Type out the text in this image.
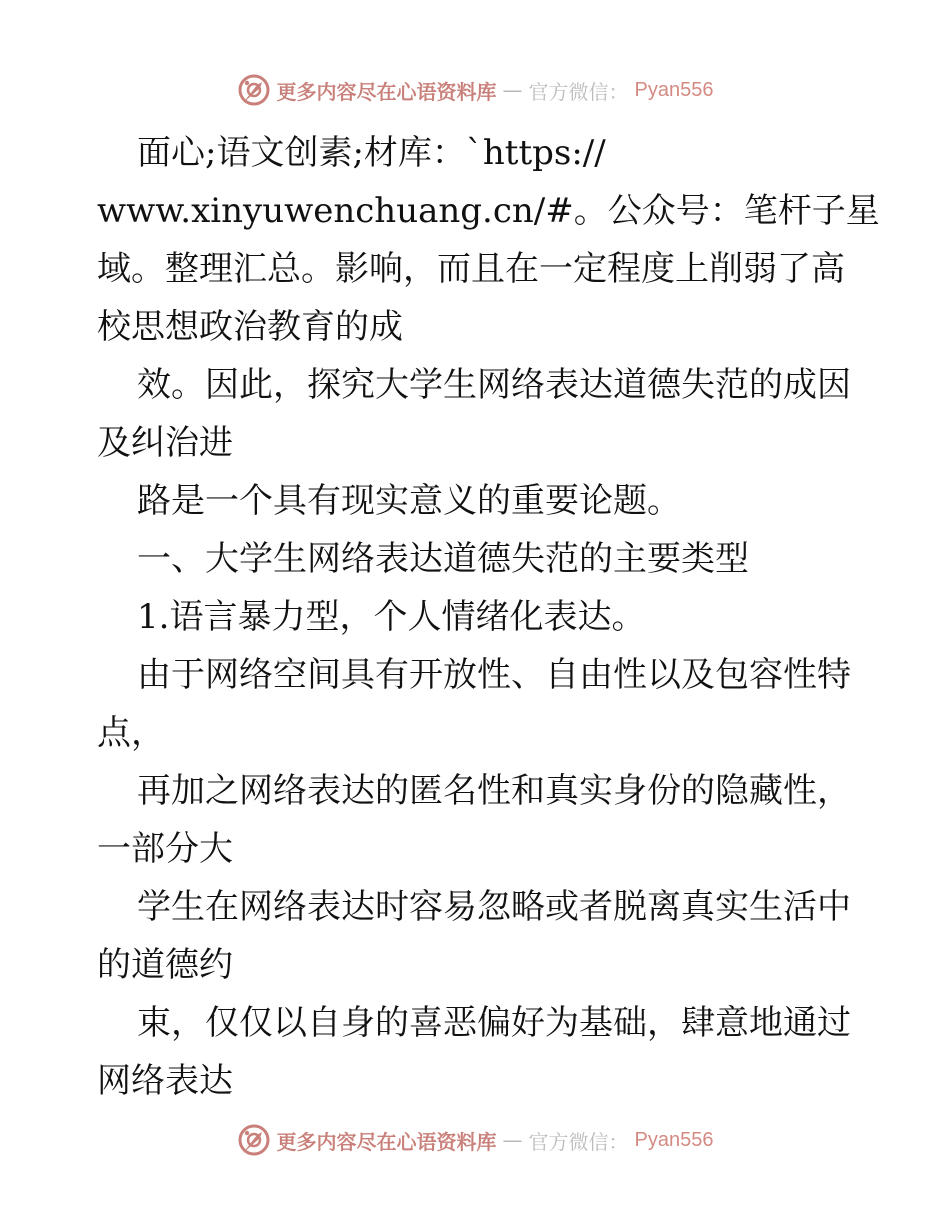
更多内容尽在心语资料库 — 官方微信： Pyan556
面心;语文创素;材库：`https://
www.xinyuwenchuang.cn/#。公众号：笔杆子星
域。整理汇总。影响，而且在一定程度上削弱了高
校思想政治教育的成
效。因此，探究大学生网络表达道德失范的成因
及纠治进
路是一个具有现实意义的重要论题。
一、大学生网络表达道德失范的主要类型
1.语言暴力型，个人情绪化表达。
由于网络空间具有开放性、自由性以及包容性特
点，
再加之网络表达的匿名性和真实身份的隐藏性，
一部分大
学生在网络表达时容易忽略或者脱离真实生活中
的道德约
束，仅仅以自身的喜恶偏好为基础，肆意地通过
网络表达
更多内容尽在心语资料库 — 官方微信： Pyan556
